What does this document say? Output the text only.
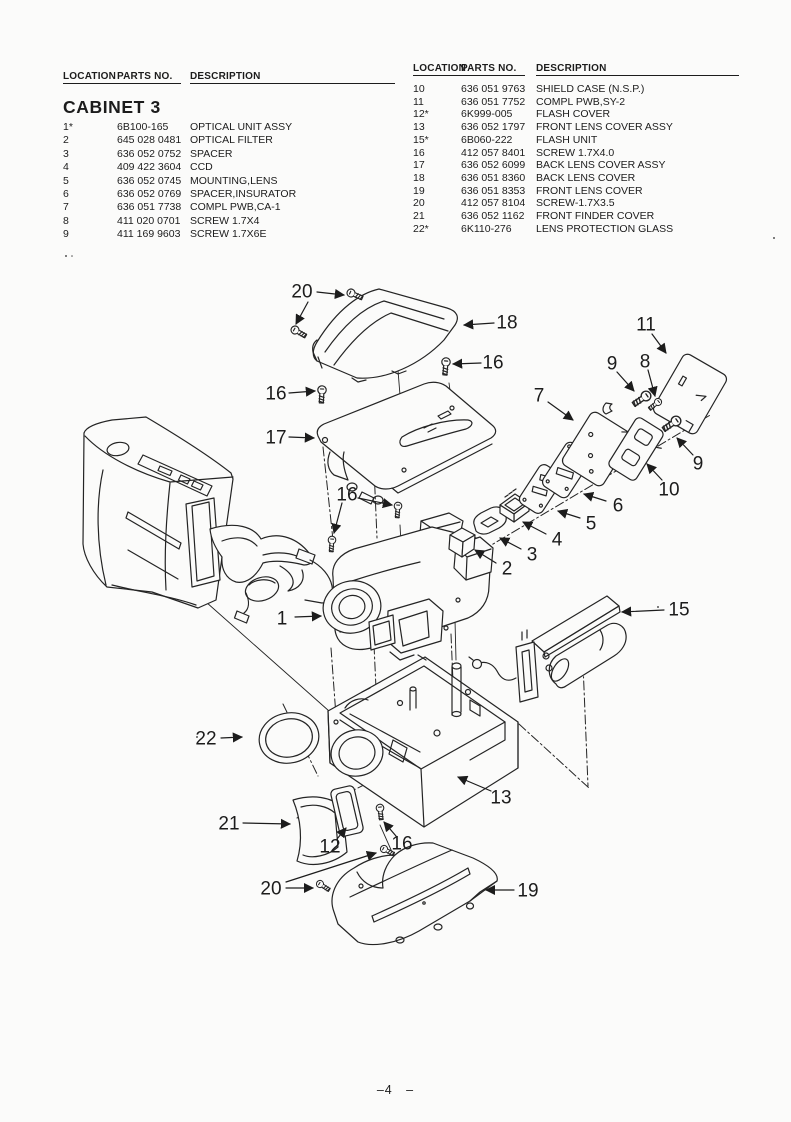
LOCATION PARTS NO.	DESCRIPTION
CABINET 3
1*	6B100-165	OPTICAL UNIT ASSY
2	645 028 0481 OPTICAL FILTER
3	636 052 0752 SPACER
4	409 422 3604 CCD
5	636 052 0745 MOUNTING,LENS
6	636 052 0769 SPACER,INSURATOR
7	636 051 7738 COMPL PWB,CA-1
8	411 020 0701 SCREW 1.7X4
9	411 169 9603 SCREW 1.7X6E
LOCATION
PARTS NO.	DESCRIPTION
10	636 051 9763	SHIELD CASE (N.S.P.)
11	636 051 7752	COMPL PWB,SY-2
12*	6K999-005	FLASH COVER
13	636 052 1797	FRONT LENS COVER ASSY
15*	6B060-222	FLASH UNIT
16	412 057 8401	SCREW 1.7X4.0
17	636 052 6099	BACK LENS COVER ASSY
18	636 051 8360	BACK LENS COVER
19	636 051 8353	FRONT LENS COVER
20	412 057 8104	SCREW-1.7X3.5
21	636 052 1162	FRONT FINDER COVER
22*	6K110-276	LENS PROTECTION GLASS
20
18
16
16
17
11
9 8
7
9
10
6
5
4
3
2
1
16
15
22
13
21
12	16
20	19
–4   –
